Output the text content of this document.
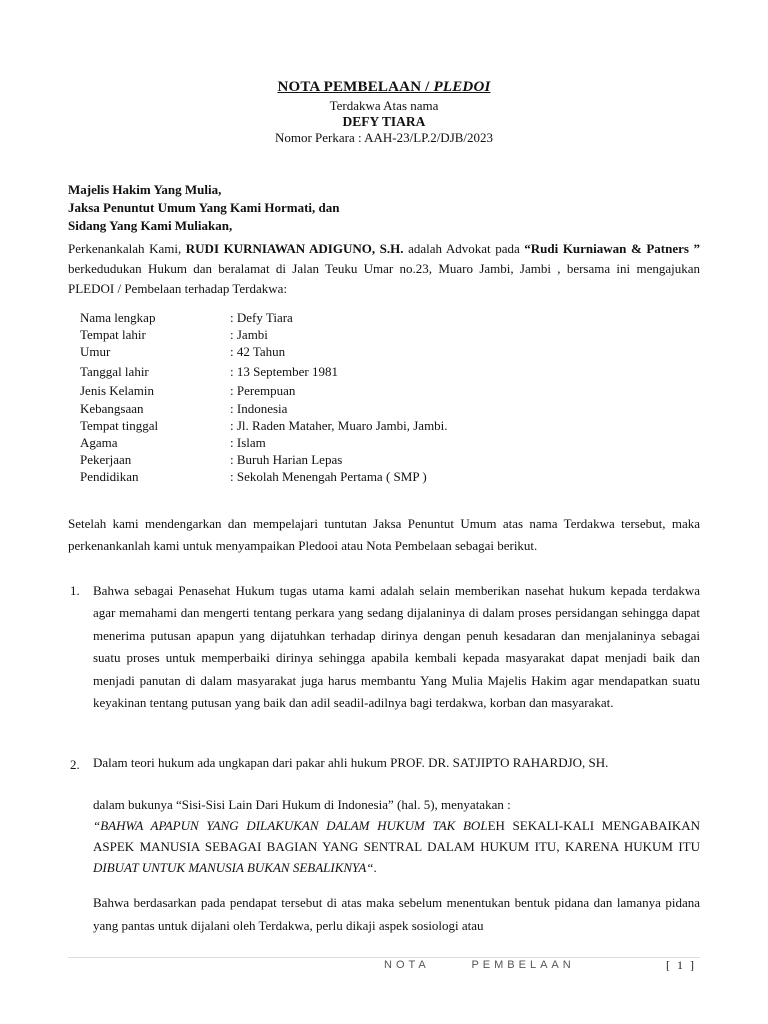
NOTA PEMBELAAN / PLEDOI
Terdakwa Atas nama
DEFY TIARA
Nomor Perkara : AAH-23/LP.2/DJB/2023
Majelis Hakim Yang Mulia,
Jaksa Penuntut Umum Yang Kami Hormati, dan
Sidang Yang Kami Muliakan,
Perkenankalah Kami, RUDI KURNIAWAN ADIGUNO, S.H. adalah Advokat pada “Rudi Kurniawan & Patners ” berkedudukan Hukum dan beralamat di Jalan Teuku Umar no.23, Muaro Jambi, Jambi , bersama ini mengajukan PLEDOI / Pembelaan terhadap Terdakwa:
Nama lengkap	: Defy Tiara
Tempat lahir	: Jambi
Umur	: 42 Tahun
Tanggal lahir	: 13 September 1981
Jenis Kelamin	: Perempuan
Kebangsaan	: Indonesia
Tempat tinggal	: Jl. Raden Mataher, Muaro Jambi, Jambi.
Agama	: Islam
Pekerjaan	: Buruh Harian Lepas
Pendidikan	: Sekolah Menengah Pertama ( SMP )
Setelah kami mendengarkan dan mempelajari tuntutan Jaksa Penuntut Umum atas nama Terdakwa tersebut, maka perkenankanlah kami untuk menyampaikan Pledooi atau Nota Pembelaan sebagai berikut.
1. Bahwa sebagai Penasehat Hukum tugas utama kami adalah selain memberikan nasehat hukum kepada terdakwa agar memahami dan mengerti tentang perkara yang sedang dijalaninya di dalam proses persidangan sehingga dapat menerima putusan apapun yang dijatuhkan terhadap dirinya dengan penuh kesadaran dan menjalaninya sebagai suatu proses untuk memperbaiki dirinya sehingga apabila kembali kepada masyarakat dapat menjadi baik dan menjadi panutan di dalam masyarakat juga harus membantu Yang Mulia Majelis Hakim agar mendapatkan suatu keyakinan tentang putusan yang baik dan adil seadil-adilnya bagi terdakwa, korban dan masyarakat.
2. Dalam teori hukum ada ungkapan dari pakar ahli hukum PROF. DR. SATJIPTO RAHARDJO, SH.
dalam bukunya “Sisi-Sisi Lain Dari Hukum di Indonesia” (hal. 5), menyatakan :
“BAHWA APAPUN YANG DILAKUKAN DALAM HUKUM TAK BOLEH SEKALI-KALI MENGABAIKAN ASPEK MANUSIA SEBAGAI BAGIAN YANG SENTRAL DALAM HUKUM ITU, KARENA HUKUM ITU DIBUAT UNTUK MANUSIA BUKAN SEBALIKNYA“.
Bahwa berdasarkan pada pendapat tersebut di atas maka sebelum menentukan bentuk pidana dan lamanya pidana yang pantas untuk dijalani oleh Terdakwa, perlu dikaji aspek sosiologi atau
NOTA      PEMBELAAN	[ 1 ]
